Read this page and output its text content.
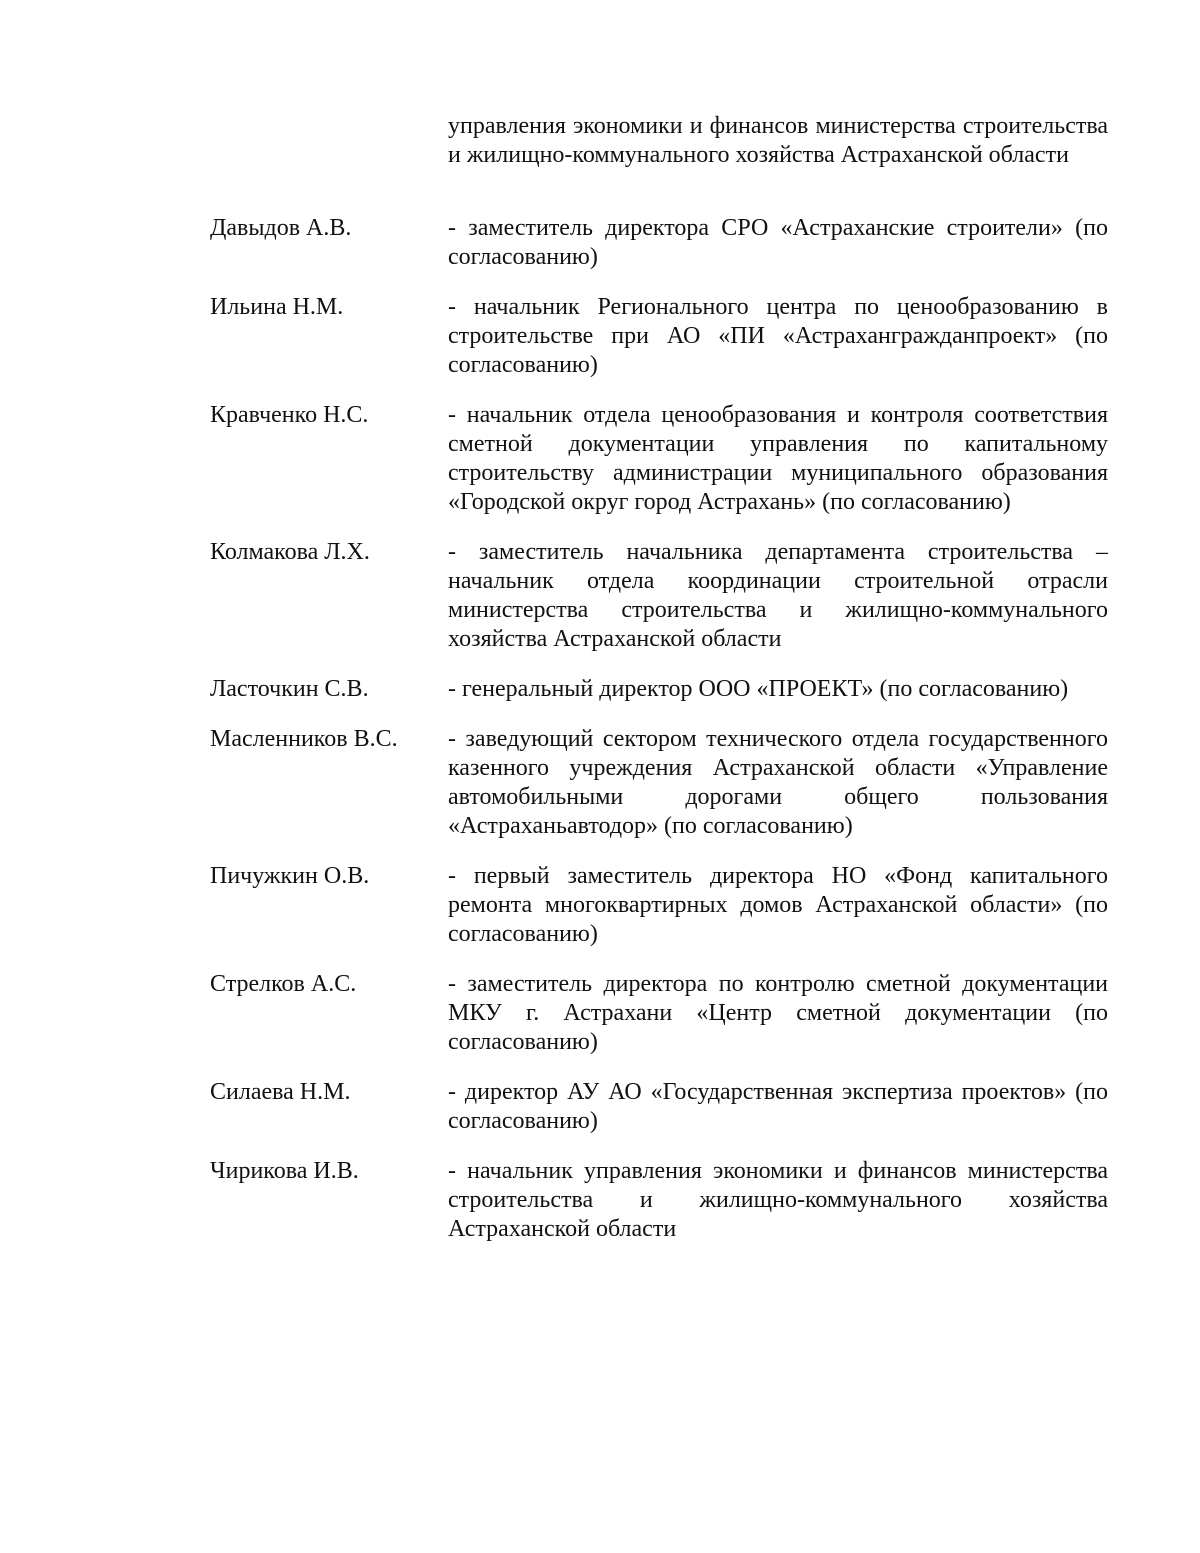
управления экономики и финансов министерства строительства и жилищно-коммунального хозяйства Астраханской области
Давыдов А.В.	- заместитель директора СРО «Астраханские строители» (по согласованию)
Ильина Н.М.	- начальник Регионального центра по ценообразованию в строительстве при АО «ПИ «Астрахангражданпроект» (по согласованию)
Кравченко Н.С.	- начальник отдела ценообразования и контроля соответствия сметной документации управления по капитальному строительству администрации муниципального образования «Городской округ город Астрахань» (по согласованию)
Колмакова Л.Х.	- заместитель начальника департамента строительства – начальник отдела координации строительной отрасли министерства строительства и жилищно-коммунального хозяйства Астраханской области
Ласточкин С.В.	- генеральный директор ООО «ПРОЕКТ» (по согласованию)
Масленников В.С.	- заведующий сектором технического отдела государственного казенного учреждения Астраханской области «Управление автомобильными дорогами общего пользования «Астраханьавтодор» (по согласованию)
Пичужкин О.В.	- первый заместитель директора НО «Фонд капитального ремонта многоквартирных домов Астраханской области» (по согласованию)
Стрелков А.С.	- заместитель директора по контролю сметной документации МКУ г. Астрахани «Центр сметной документации (по согласованию)
Силаева Н.М.	- директор АУ АО «Государственная экспертиза проектов» (по согласованию)
Чирикова И.В.	- начальник управления экономики и финансов министерства строительства и жилищно-коммунального хозяйства Астраханской области
